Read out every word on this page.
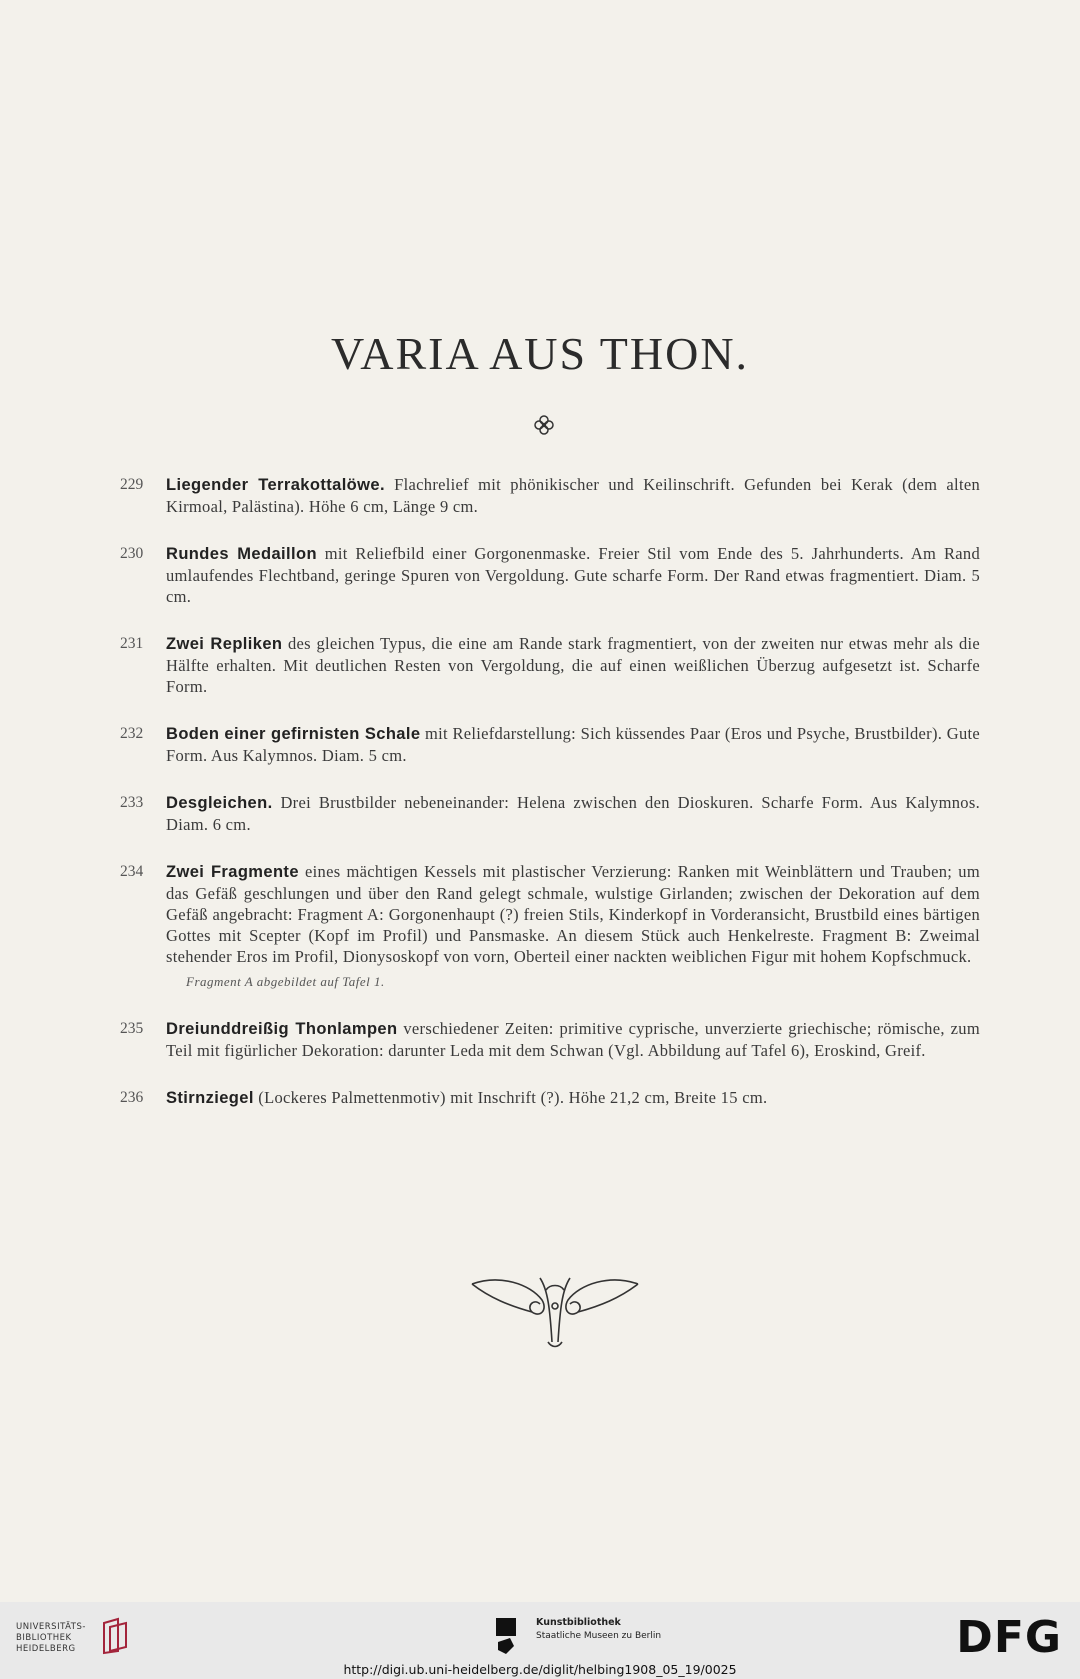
VARIA AUS THON.
229	Liegender Terrakottalöwe. Flachrelief mit phönikischer und Keilinschrift. Gefunden bei Kerak (dem alten Kirmoal, Palästina). Höhe 6 cm, Länge 9 cm.
230	Rundes Medaillon mit Reliefbild einer Gorgonenmaske. Freier Stil vom Ende des 5. Jahrhunderts. Am Rand umlaufendes Flechtband, geringe Spuren von Vergoldung. Gute scharfe Form. Der Rand etwas fragmentiert. Diam. 5 cm.
231	Zwei Repliken des gleichen Typus, die eine am Rande stark fragmentiert, von der zweiten nur etwas mehr als die Hälfte erhalten. Mit deutlichen Resten von Vergoldung, die auf einen weißlichen Überzug aufgesetzt ist. Scharfe Form.
232	Boden einer gefirnisten Schale mit Reliefdarstellung: Sich küssendes Paar (Eros und Psyche, Brustbilder). Gute Form. Aus Kalymnos. Diam. 5 cm.
233	Desgleichen. Drei Brustbilder nebeneinander: Helena zwischen den Dioskuren. Scharfe Form. Aus Kalymnos. Diam. 6 cm.
234	Zwei Fragmente eines mächtigen Kessels mit plastischer Verzierung: Ranken mit Weinblättern und Trauben; um das Gefäß geschlungen und über den Rand gelegt schmale, wulstige Girlanden; zwischen der Dekoration auf dem Gefäß angebracht: Fragment A: Gorgonenhaupt (?) freien Stils, Kinderkopf in Vorderansicht, Brustbild eines bärtigen Gottes mit Scepter (Kopf im Profil) und Pansmaske. An diesem Stück auch Henkelreste. Fragment B: Zweimal stehender Eros im Profil, Dionysoskopf von vorn, Oberteil einer nackten weiblichen Figur mit hohem Kopfschmuck.
Fragment A abgebildet auf Tafel 1.
235	Dreiunddreißig Thonlampen verschiedener Zeiten: primitive cyprische, unverzierte griechische; römische, zum Teil mit figürlicher Dekoration: darunter Leda mit dem Schwan (Vgl. Abbildung auf Tafel 6), Eroskind, Greif.
236	Stirnziegel (Lockeres Palmettenmotiv) mit Inschrift (?). Höhe 21,2 cm, Breite 15 cm.
UNIVERSITÄTS-
BIBLIOTHEK
HEIDELBERG
Kunstbibliothek
Staatliche Museen zu Berlin	DFG
http://digi.ub.uni-heidelberg.de/diglit/helbing1908_05_19/0025
